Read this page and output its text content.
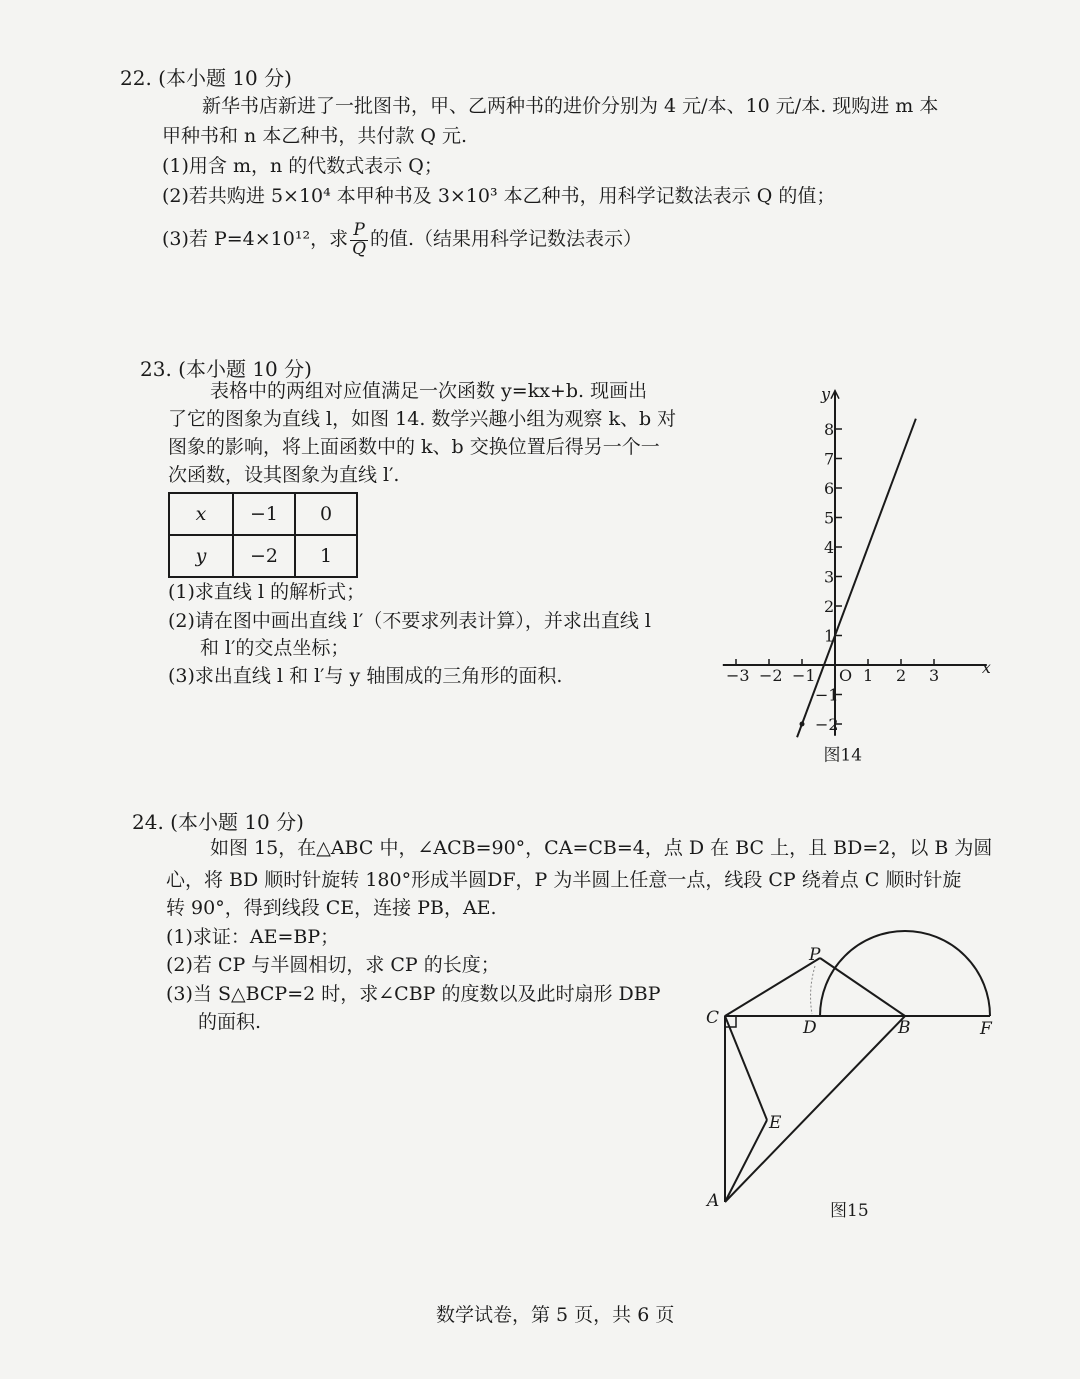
22. (本小题 10 分)
新华书店新进了一批图书，甲、乙两种书的进价分别为 4 元/本、10 元/本. 现购进 m 本
甲种书和 n 本乙种书，共付款 Q 元.
(1)用含 m，n 的代数式表示 Q；
(2)若共购进 5×10⁴ 本甲种书及 3×10³ 本乙种书，用科学记数法表示 Q 的值；
(3)若 P=4×10¹²，求 $\frac{P}{Q}$ 的值.（结果用科学记数法表示）
23. (本小题 10 分)
表格中的两组对应值满足一次函数 y=kx+b. 现画出
了它的图象为直线 l，如图 14. 数学兴趣小组为观察 k、b 对
图象的影响，将上面函数中的 k、b 交换位置后得另一个一
次函数，设其图象为直线 l′.
x	−1	0
y	−2	1
(1)求直线 l 的解析式；
(2)请在图中画出直线 l′（不要求列表计算），并求出直线 l
和 l′的交点坐标；
(3)求出直线 l 和 l′与 y 轴围成的三角形的面积.
y
x
O
−3 −2 −1	1 2 3
8
7
6
5
4
3
2
1
−1
−2
图14
24. (本小题 10 分)
如图 15，在△ABC 中，∠ACB=90°，CA=CB=4，点 D 在 BC 上，且 BD=2，以 B 为圆
心，将 BD 顺时针旋转 180°形成半圆DF，P 为半圆上任意一点，线段 CP 绕着点 C 顺时针旋
转 90°，得到线段 CE，连接 PB，AE.
(1)求证：AE=BP；
(2)若 CP 与半圆相切，求 CP 的长度；
(3)当 S△BCP=2 时，求∠CBP 的度数以及此时扇形 DBP
的面积.
P
C	D	B	F
E
A	图15
数学试卷，第 5 页，共 6 页
